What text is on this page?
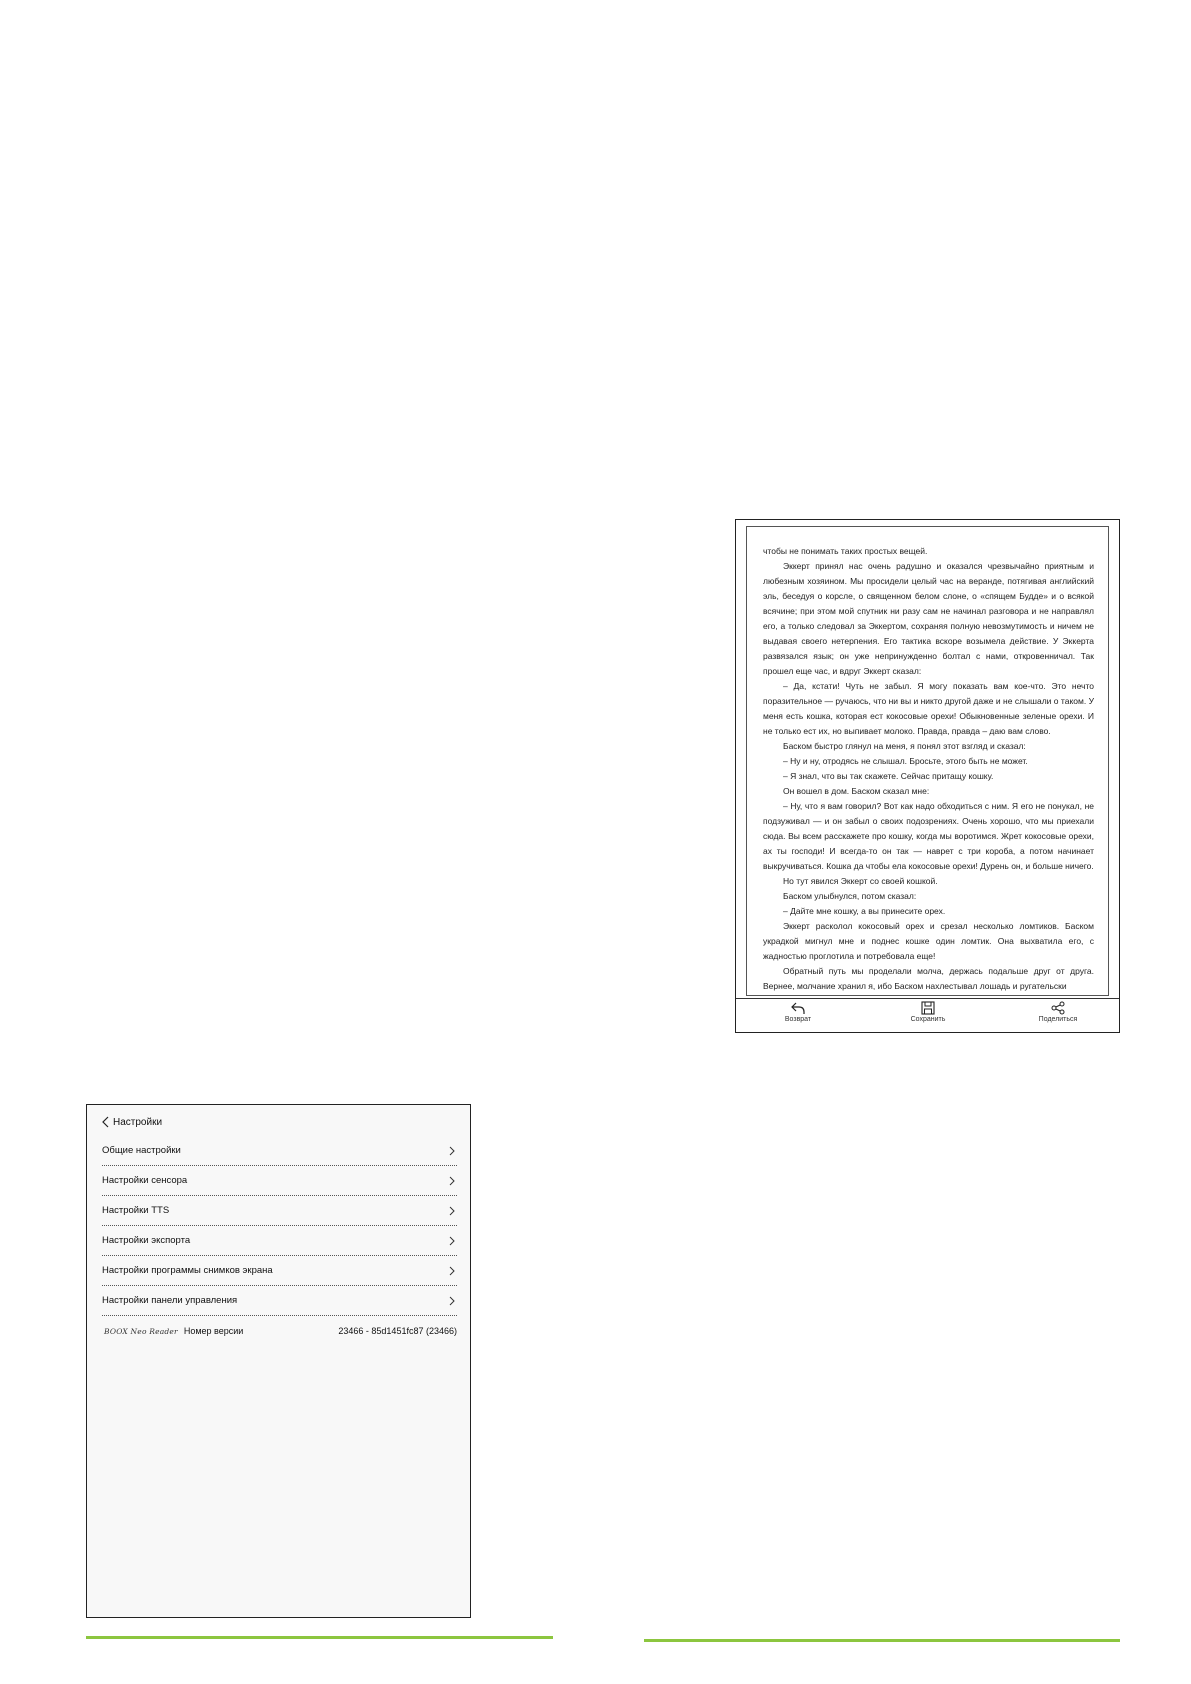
чтобы не понимать таких простых вещей.

Эккерт принял нас очень радушно и оказался чрезвычайно приятным и любезным хозяином. Мы просидели целый час на веранде, потягивая английский эль, беседуя о корсле, о священном белом слоне, о «спящем Будде» и о всякой всячине; при этом мой спутник ни разу сам не начинал разговора и не направлял его, а только следовал за Эккертом, сохраняя полную невозмутимость и ничем не выдавая своего нетерпения. Его тактика вскоре возымела действие. У Эккерта развязался язык; он уже непринужденно болтал с нами, откровенничал. Так прошел еще час, и вдруг Эккерт сказал:

– Да, кстати! Чуть не забыл. Я могу показать вам кое-что. Это нечто поразительное — ручаюсь, что ни вы и никто другой даже и не слышали о таком. У меня есть кошка, которая ест кокосовые орехи! Обыкновенные зеленые орехи. И не только ест их, но выпивает молоко. Правда, правда – даю вам слово.

Баском быстро глянул на меня, я понял этот взгляд и сказал:

– Ну и ну, отродясь не слышал. Бросьте, этого быть не может.

– Я знал, что вы так скажете. Сейчас притащу кошку.

Он вошел в дом. Баском сказал мне:

– Ну, что я вам говорил? Вот как надо обходиться с ним. Я его не понукал, не подзуживал — и он забыл о своих подозрениях. Очень хорошо, что мы приехали сюда. Вы всем расскажете про кошку, когда мы воротимся. Жрет кокосовые орехи, ах ты господи! И всегда-то он так — наврет с три короба, а потом начинает выкручиваться. Кошка да чтобы ела кокосовые орехи! Дурень он, и больше ничего.

Но тут явился Эккерт со своей кошкой.

Баском улыбнулся, потом сказал:

– Дайте мне кошку, а вы принесите орех.

Эккерт расколол кокосовый орех и срезал несколько ломтиков. Баском украдкой мигнул мне и поднес кошке один ломтик. Она выхватила его, с жадностью проглотила и потребовала еще!

Обратный путь мы проделали молча, держась подальше друг от друга. Вернее, молчание хранил я, ибо Баском нахлестывал лошадь и ругательски

Возврат	Сохранить	Поделиться
Настройки
Общие настройки
Настройки сенсора
Настройки TTS
Настройки экспорта
Настройки программы снимков экрана
Настройки панели управления
BOOX Neo Reader Номер версии	23466 - 85d1451fc87 (23466)
